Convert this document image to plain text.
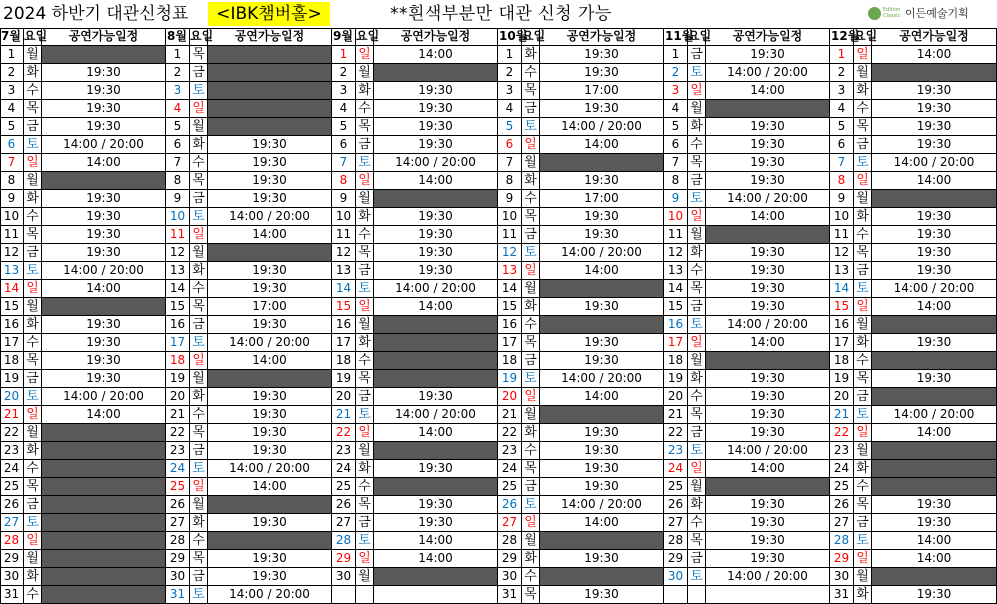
2024 하반기 대관신청표	<IBK챔버홀>	**흰색부분만 대관 신청 가능	Edition Classic 이든예술기획
7월 요일	공연가능일정
1 월
2 화	19:30
3 수	19:30
4 목	19:30
5 금	19:30
6 토	14:00 / 20:00
7 일	14:00
8 월
9 화	19:30
10 수	19:30
11 목	19:30
12 금	19:30
13 토	14:00 / 20:00
14 일	14:00
15 월
16 화	19:30
17 수	19:30
18 목	19:30
19 금	19:30
20 토	14:00 / 20:00
21 일	14:00
22 월
23 화
24 수
25 목
26 금
27 토
28 일
29 월
30 화
31 수
8월 요일	공연가능일정
1 목
2 금
3 토
4 일
5 월
6 화	19:30
7 수	19:30
8 목	19:30
9 금	19:30
10 토	14:00 / 20:00
11 일	14:00
12 월
13 화	19:30
14 수	19:30
15 목	17:00
16 금	19:30
17 토	14:00 / 20:00
18 일	14:00
19 월
20 화	19:30
21 수	19:30
22 목	19:30
23 금	19:30
24 토	14:00 / 20:00
25 일	14:00
26 월
27 화	19:30
28 수
29 목	19:30
30 금	19:30
31 토	14:00 / 20:00
9월 요일	공연가능일정
1 일	14:00
2 월
3 화	19:30
4 수	19:30
5 목	19:30
6 금	19:30
7 토	14:00 / 20:00
8 일	14:00
9 월
10 화	19:30
11 수	19:30
12 목	19:30
13 금	19:30
14 토	14:00 / 20:00
15 일	14:00
16 월
17 화
18 수
19 목
20 금	19:30
21 토	14:00 / 20:00
22 일	14:00
23 월
24 화	19:30
25 수
26 목	19:30
27 금	19:30
28 토	14:00
29 일	14:00
30 월
10월
요일	공연가능일정
1 화	19:30
2 수	19:30
3 목	17:00
4 금	19:30
5 토	14:00 / 20:00
6 일	14:00
7 월
8 화	19:30
9 수	17:00
10 목	19:30
11 금	19:30
12 토	14:00 / 20:00
13 일	14:00
14 월
15 화	19:30
16 수
17 목	19:30
18 금	19:30
19 토	14:00 / 20:00
20 일	14:00
21 월
22 화	19:30
23 수	19:30
24 목	19:30
25 금	19:30
26 토	14:00 / 20:00
27 일	14:00
28 월
29 화	19:30
30 수
31 목	19:30
11월
요일	공연가능일정
1 금	19:30
2 토	14:00 / 20:00
3 일	14:00
4 월
5 화	19:30
6 수	19:30
7 목	19:30
8 금	19:30
9 토	14:00 / 20:00
10 일	14:00
11 월
12 화	19:30
13 수	19:30
14 목	19:30
15 금	19:30
16 토	14:00 / 20:00
17 일	14:00
18 월
19 화	19:30
20 수	19:30
21 목	19:30
22 금	19:30
23 토	14:00 / 20:00
24 일	14:00
25 월
26 화	19:30
27 수	19:30
28 목	19:30
29 금	19:30
30 토	14:00 / 20:00
12월
요일	공연가능일정
1 일	14:00
2 월
3 화	19:30
4 수	19:30
5 목	19:30
6 금	19:30
7 토	14:00 / 20:00
8 일	14:00
9 월
10 화	19:30
11 수	19:30
12 목	19:30
13 금	19:30
14 토	14:00 / 20:00
15 일	14:00
16 월
17 화	19:30
18 수
19 목	19:30
20 금
21 토	14:00 / 20:00
22 일	14:00
23 월
24 화
25 수
26 목	19:30
27 금	19:30
28 토	14:00
29 일	14:00
30 월
31 화	19:30
